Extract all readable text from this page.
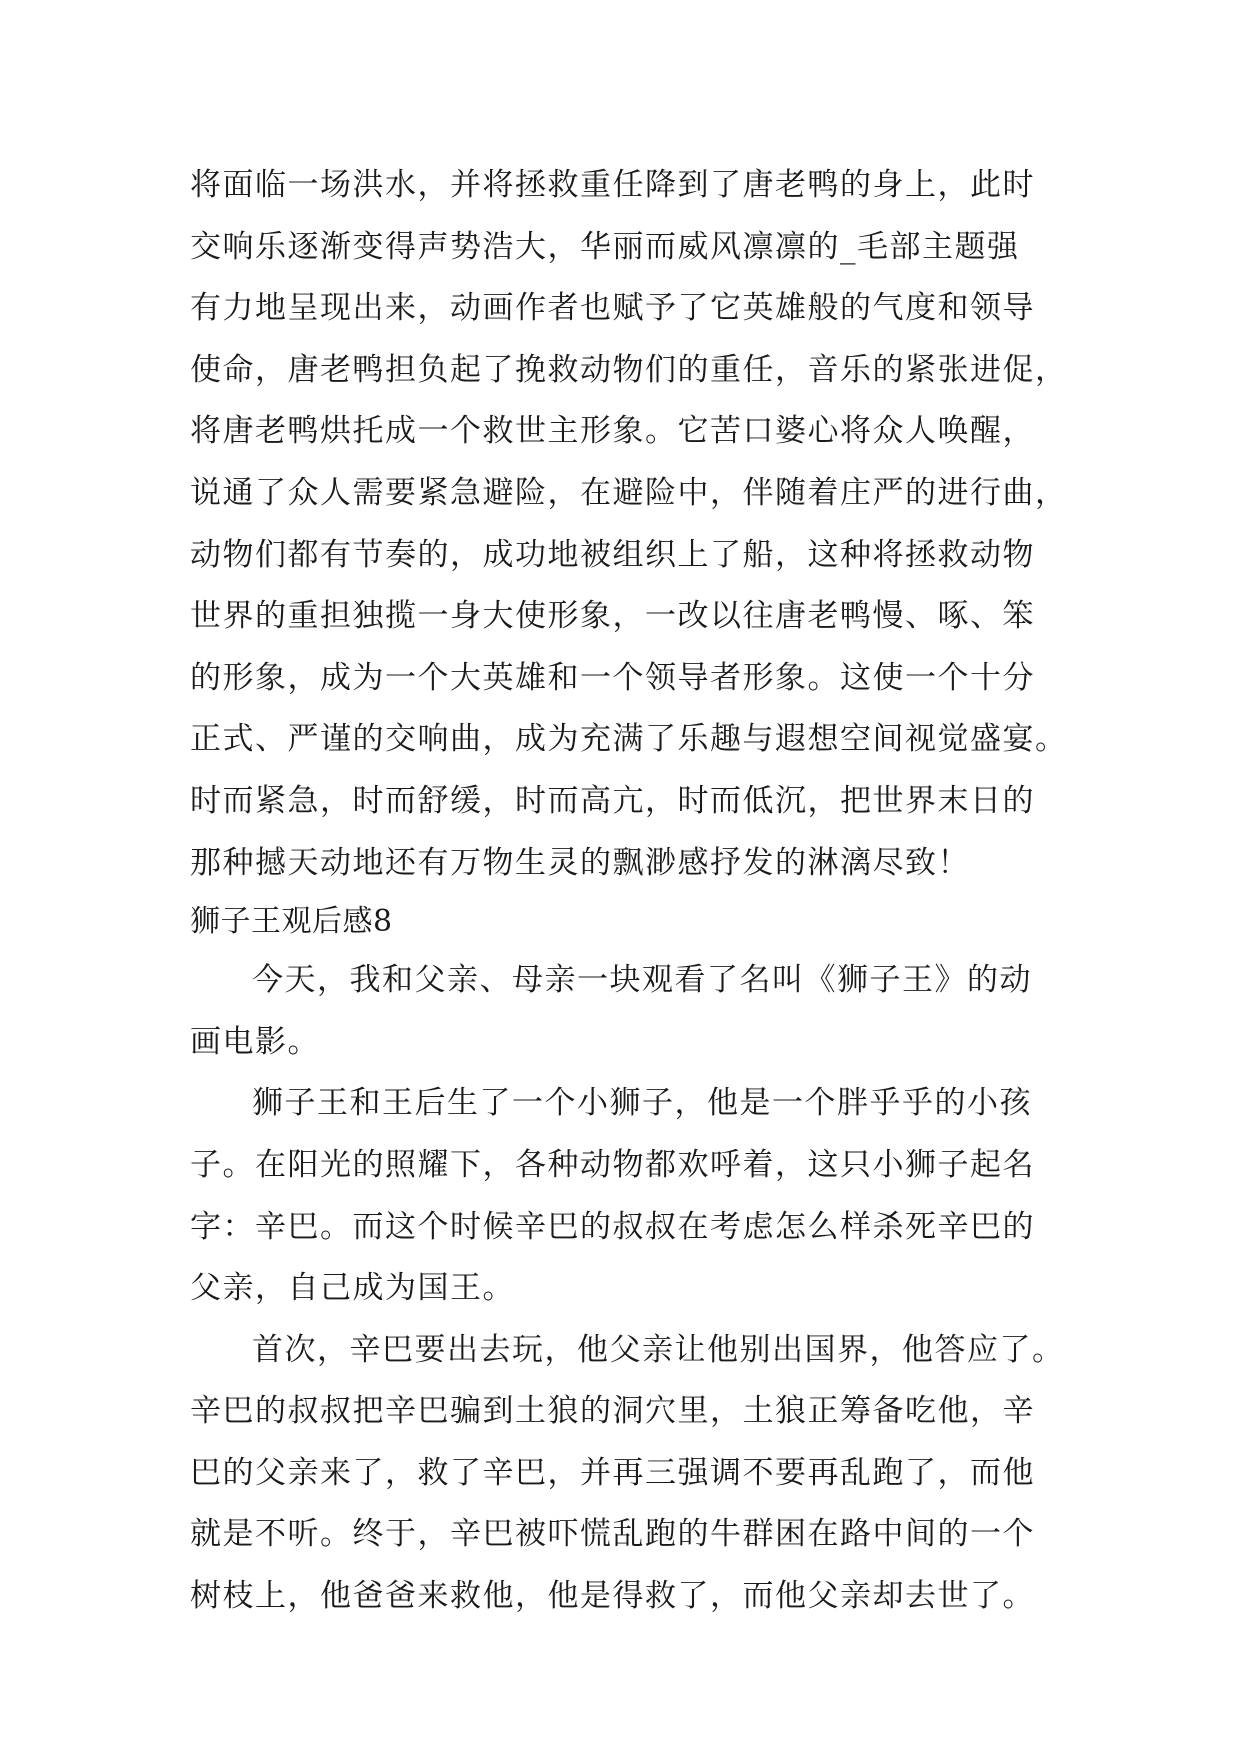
将面临一场洪水，并将拯救重任降到了唐老鸭的身上，此时
交响乐逐渐变得声势浩大，华丽而威风凛凛的_毛部主题强
有力地呈现出来，动画作者也赋予了它英雄般的气度和领导
使命，唐老鸭担负起了挽救动物们的重任，音乐的紧张进促，
将唐老鸭烘托成一个救世主形象。它苦口婆心将众人唤醒，
说通了众人需要紧急避险，在避险中，伴随着庄严的进行曲，
动物们都有节奏的，成功地被组织上了船，这种将拯救动物
世界的重担独揽一身大使形象，一改以往唐老鸭慢、啄、笨
的形象，成为一个大英雄和一个领导者形象。这使一个十分
正式、严谨的交响曲，成为充满了乐趣与遐想空间视觉盛宴。
时而紧急，时而舒缓，时而高亢，时而低沉，把世界末日的
那种撼天动地还有万物生灵的飘渺感抒发的淋漓尽致！
狮子王观后感8
今天，我和父亲、母亲一块观看了名叫《狮子王》的动
画电影。
狮子王和王后生了一个小狮子，他是一个胖乎乎的小孩
子。在阳光的照耀下，各种动物都欢呼着，这只小狮子起名
字：辛巴。而这个时候辛巴的叔叔在考虑怎么样杀死辛巴的
父亲，自己成为国王。
首次，辛巴要出去玩，他父亲让他别出国界，他答应了。
辛巴的叔叔把辛巴骗到土狼的洞穴里，土狼正筹备吃他，辛
巴的父亲来了，救了辛巴，并再三强调不要再乱跑了，而他
就是不听。终于，辛巴被吓慌乱跑的牛群困在路中间的一个
树枝上，他爸爸来救他，他是得救了，而他父亲却去世了。
